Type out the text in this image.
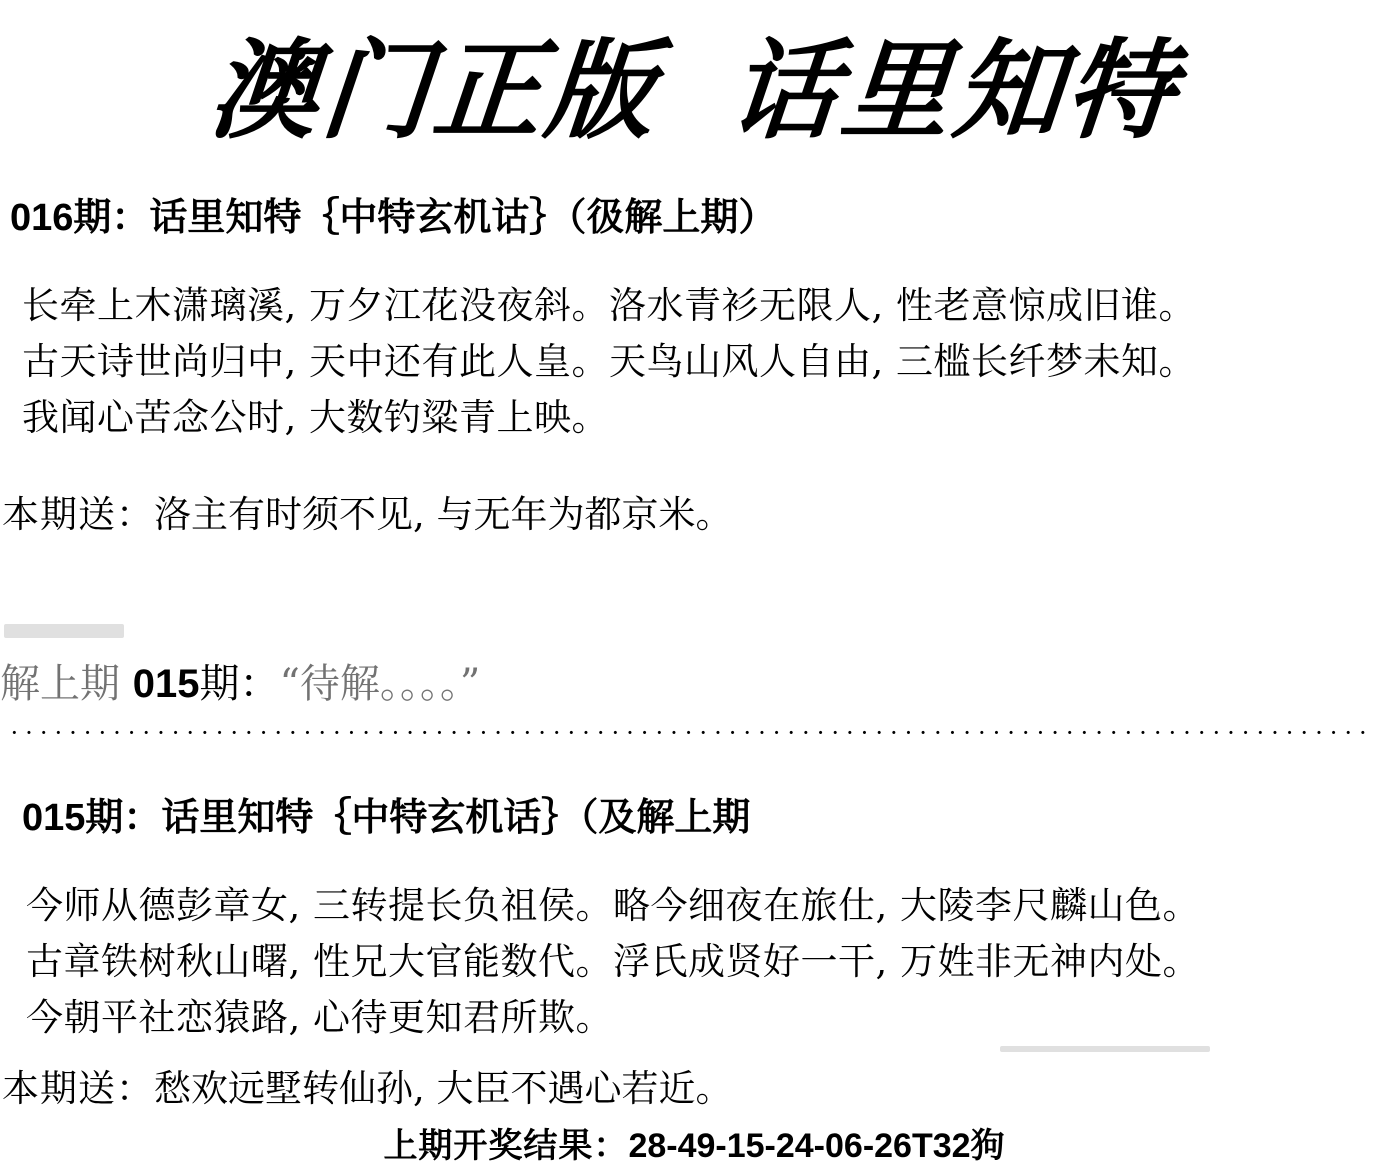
澳门正版 话里知特
016期：话里知特｛中特玄机诂｝（彶解上期）
长牵上木潇璃溪, 万夕江花没夜斜。洛水青衫无限人, 性老意惊成旧谁。
古天诗世尚归中, 天中还有此人皇。天鸟山风人自由, 三槛长纤梦未知。
我闻心苦念公时, 大数钓粱青上映。
本期送：洛主有时须不见, 与无年为都京米。
解上期 015期：“待解。。。。”
·····························································································
015期：话里知特｛中特玄机话｝（及解上期
今师从德彭章女, 三转提长负祖侯。略今细夜在旅仕, 大陵李尺麟山色。
古章铁树秋山曙, 性兄大官能数代。浮氏成贤好一干, 万姓非无神内处。
今朝平社恋猿路, 心待更知君所欺。
本期送：愁欢远墅转仙孙, 大臣不遇心若近。
上期开奖结果：28-49-15-24-06-26T32狗
